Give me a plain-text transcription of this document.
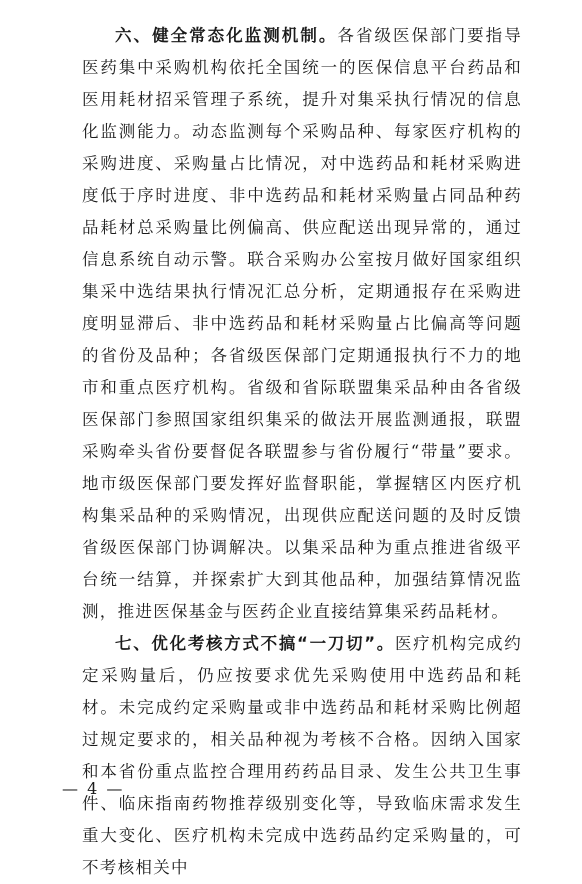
六、健全常态化监测机制。各省级医保部门要指导医药集中采购机构依托全国统一的医保信息平台药品和医用耗材招采管理子系统，提升对集采执行情况的信息化监测能力。动态监测每个采购品种、每家医疗机构的采购进度、采购量占比情况，对中选药品和耗材采购进度低于序时进度、非中选药品和耗材采购量占同品种药品耗材总采购量比例偏高、供应配送出现异常的，通过信息系统自动示警。联合采购办公室按月做好国家组织集采中选结果执行情况汇总分析，定期通报存在采购进度明显滞后、非中选药品和耗材采购量占比偏高等问题的省份及品种；各省级医保部门定期通报执行不力的地市和重点医疗机构。省级和省际联盟集采品种由各省级医保部门参照国家组织集采的做法开展监测通报，联盟采购牵头省份要督促各联盟参与省份履行“带量”要求。地市级医保部门要发挥好监督职能，掌握辖区内医疗机构集采品种的采购情况，出现供应配送问题的及时反馈省级医保部门协调解决。以集采品种为重点推进省级平台统一结算，并探索扩大到其他品种，加强结算情况监测，推进医保基金与医药企业直接结算集采药品耗材。

七、优化考核方式不搞“一刀切”。医疗机构完成约定采购量后，仍应按要求优先采购使用中选药品和耗材。未完成约定采购量或非中选药品和耗材采购比例超过规定要求的，相关品种视为考核不合格。因纳入国家和本省份重点监控合理用药药品目录、发生公共卫生事件、临床指南药物推荐级别变化等，导致临床需求发生重大变化、医疗机构未完成中选药品约定采购量的，可不考核相关中

— 4 —
